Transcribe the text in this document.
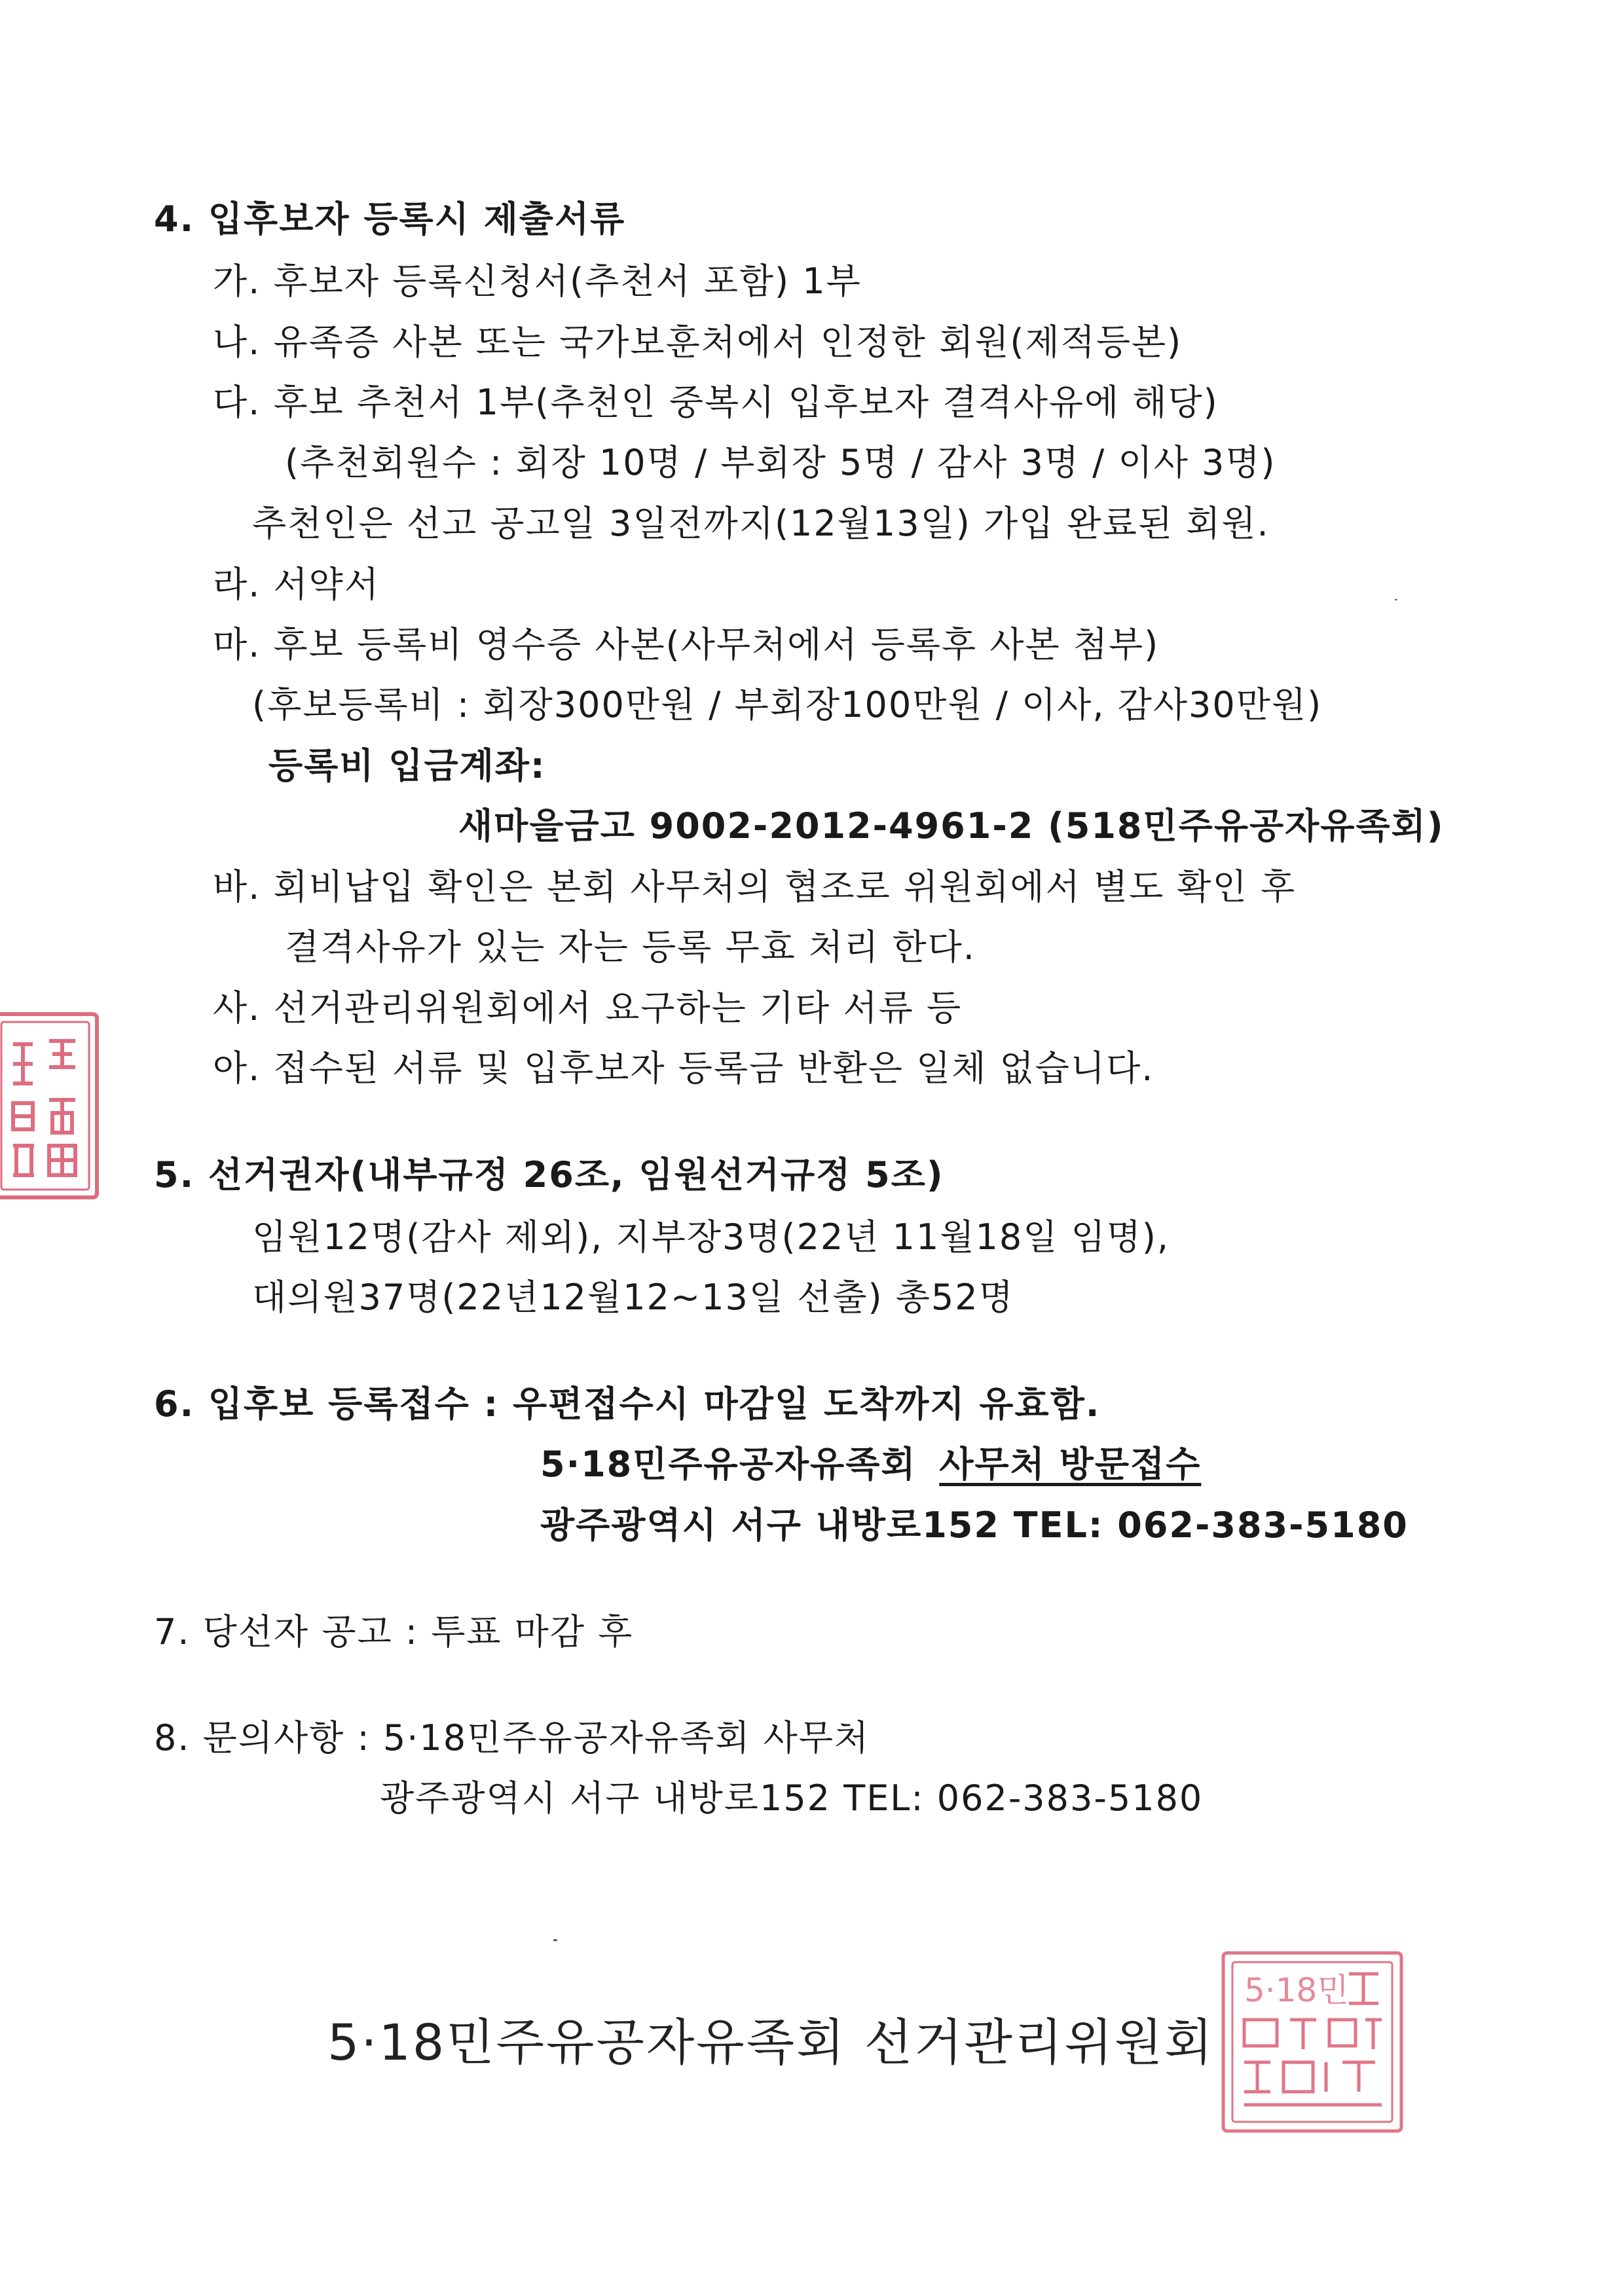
4. 입후보자 등록시 제출서류
가. 후보자 등록신청서(추천서 포함) 1부
나. 유족증 사본 또는 국가보훈처에서 인정한 회원(제적등본)
다. 후보 추천서 1부(추천인 중복시 입후보자 결격사유에 해당)
(추천회원수 : 회장 10명 / 부회장 5명 / 감사 3명 / 이사 3명)
추천인은 선고 공고일 3일전까지(12월13일) 가입 완료된 회원.
라. 서약서
마. 후보 등록비 영수증 사본(사무처에서 등록후 사본 첨부)
(후보등록비 : 회장300만원 / 부회장100만원 / 이사, 감사30만원)
등록비 입금계좌:
새마을금고 9002-2012-4961-2 (518민주유공자유족회)
바. 회비납입 확인은 본회 사무처의 협조로 위원회에서 별도 확인 후
결격사유가 있는 자는 등록 무효 처리 한다.
사. 선거관리위원회에서 요구하는 기타 서류 등
아. 접수된 서류 및 입후보자 등록금 반환은 일체 없습니다.
5. 선거권자(내부규정 26조, 임원선거규정 5조)
임원12명(감사 제외), 지부장3명(22년 11월18일 임명),
대의원37명(22년12월12~13일 선출) 총52명
6. 입후보 등록접수 : 우편접수시 마감일 도착까지 유효함.
5·18민주유공자유족회 사무처 방문접수
광주광역시 서구 내방로152 TEL: 062-383-5180
7. 당선자 공고 : 투표 마감 후
8. 문의사항 : 5·18민주유공자유족회 사무처
광주광역시 서구 내방로152 TEL: 062-383-5180
5·18민주유공자유족회 선거관리위원회
5·18민
